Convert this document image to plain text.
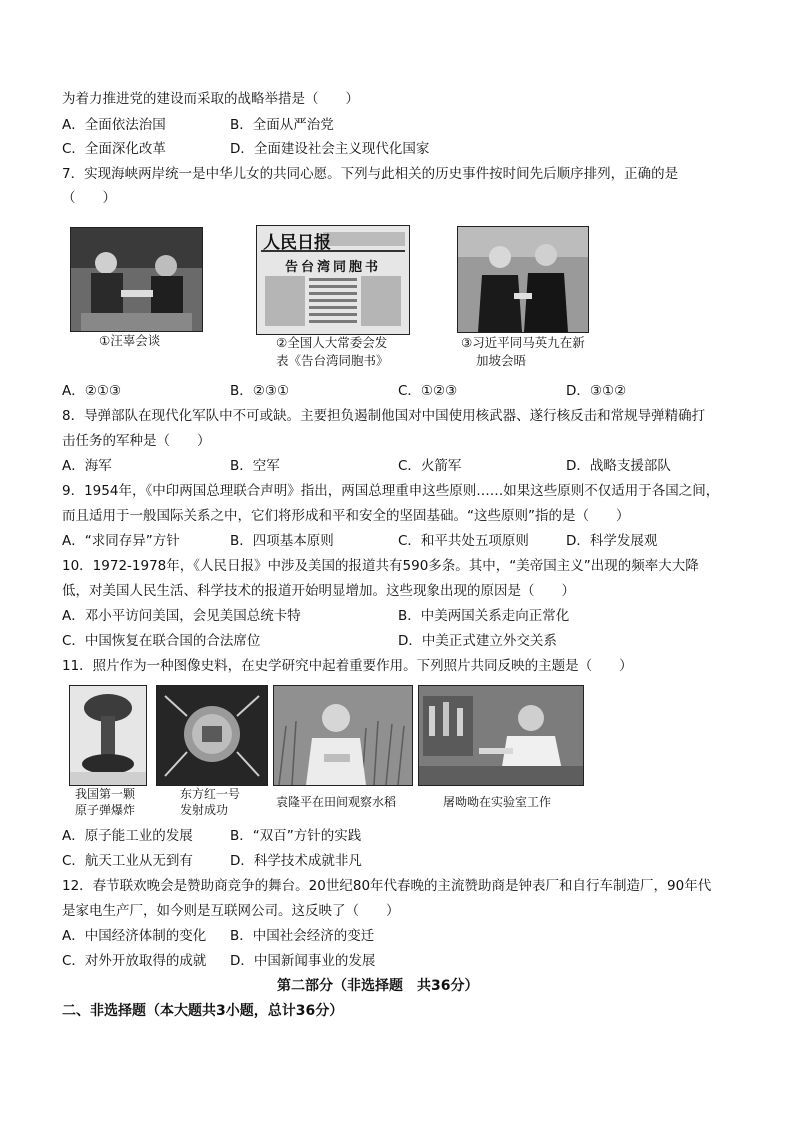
为着力推进党的建设而采取的战略举措是（　　）
A．全面依法治国	B．全面从严治党
C．全面深化改革	D．全面建设社会主义现代化国家
7．实现海峡两岸统一是中华儿女的共同心愿。下列与此相关的历史事件按时间先后顺序排列，正确的是
（　　）
①汪辜会谈
人民日报
告台湾同胞书
②全国人大常委会发
表《告台湾同胞书》
③习近平同马英九在新
加坡会晤
A．②①③	B．②③①	C．①②③	D．③①②
8．导弹部队在现代化军队中不可或缺。主要担负遏制他国对中国使用核武器、遂行核反击和常规导弹精确打
击任务的军种是（　　）
A．海军	B．空军	C．火箭军	D．战略支援部队
9．1954年，《中印两国总理联合声明》指出，两国总理重申这些原则……如果这些原则不仅适用于各国之间，
而且适用于一般国际关系之中，它们将形成和平和安全的坚固基础。“这些原则”指的是（　　）
A．“求同存异”方针	B．四项基本原则	C．和平共处五项原则	D．科学发展观
10．1972-1978年，《人民日报》中涉及美国的报道共有590多条。其中，“美帝国主义”出现的频率大大降
低，对美国人民生活、科学技术的报道开始明显增加。这些现象出现的原因是（　　）
A．邓小平访问美国，会见美国总统卡特	B．中美两国关系走向正常化
C．中国恢复在联合国的合法席位	D．中美正式建立外交关系
11．照片作为一种图像史料，在史学研究中起着重要作用。下列照片共同反映的主题是（　　）
我国第一颗
原子弹爆炸
东方红一号
发射成功
袁隆平在田间观察水稻	屠呦呦在实验室工作
A．原子能工业的发展	B．“双百”方针的实践
C．航天工业从无到有	D．科学技术成就非凡
12．春节联欢晚会是赞助商竞争的舞台。20世纪80年代春晚的主流赞助商是钟表厂和自行车制造厂，90年代
是家电生产厂，如今则是互联网公司。这反映了（　　）
A．中国经济体制的变化 B．中国社会经济的变迁
C．对外开放取得的成就 D．中国新闻事业的发展
第二部分（非选择题　共36分）
二、非选择题（本大题共3小题，总计36分）
